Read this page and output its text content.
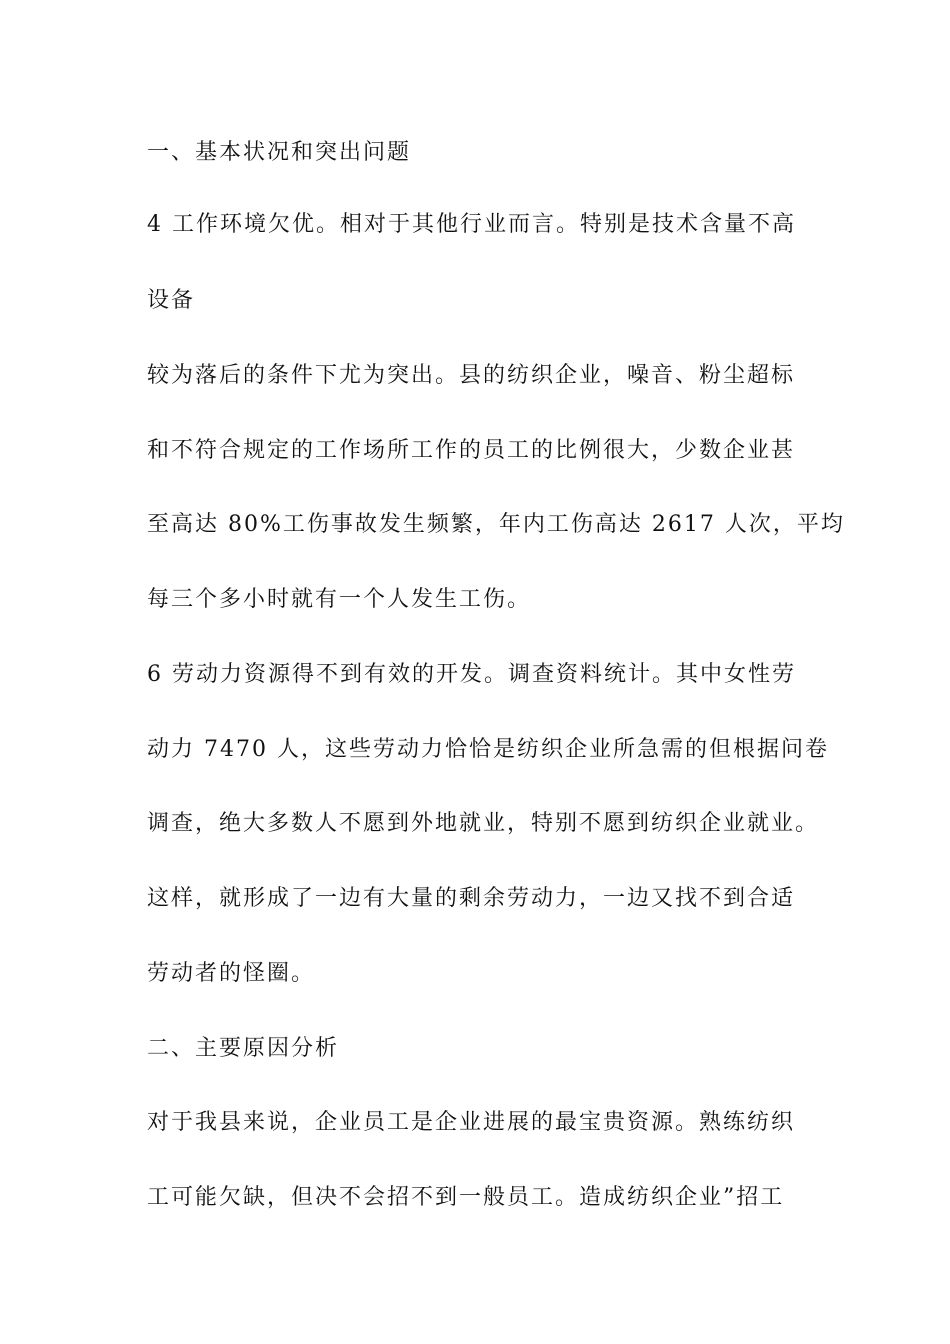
一、基本状况和突出问题
4 工作环境欠优。相对于其他行业而言。特别是技术含量不高
设备
较为落后的条件下尤为突出。县的纺织企业，噪音、粉尘超标
和不符合规定的工作场所工作的员工的比例很大，少数企业甚
至高达 80%工伤事故发生频繁，年内工伤高达 2617 人次，平均
每三个多小时就有一个人发生工伤。
6 劳动力资源得不到有效的开发。调查资料统计。其中女性劳
动力 7470 人，这些劳动力恰恰是纺织企业所急需的但根据问卷
调查，绝大多数人不愿到外地就业，特别不愿到纺织企业就业。
这样，就形成了一边有大量的剩余劳动力，一边又找不到合适
劳动者的怪圈。
二、主要原因分析
对于我县来说，企业员工是企业进展的最宝贵资源。熟练纺织
工可能欠缺，但决不会招不到一般员工。造成纺织企业”招工
